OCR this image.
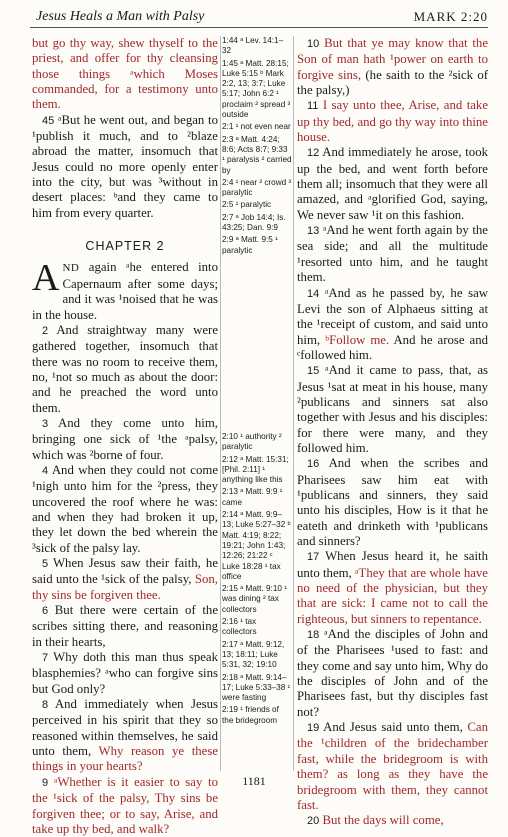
Jesus Heals a Man with Palsy	MARK 2:20

but go thy way, shew thyself to the priest, and offer for thy cleansing those things ᵃwhich Moses commanded, for a testimony unto them.

45 ᵃBut he went out, and began to ¹publish it much, and to ²blaze abroad the matter, insomuch that Jesus could no more openly enter into the city, but was ³without in desert places: ᵇand they came to him from every quarter.

CHAPTER 2

AND again ᵃhe entered into Capernaum after some days; and it was ¹noised that he was in the house.

2 And straightway many were gathered together, insomuch that there was no room to receive them, no, ¹not so much as about the door: and he preached the word unto them.

3 And they come unto him, bringing one sick of ¹the ᵃpalsy, which was ²borne of four.

4 And when they could not come ¹nigh unto him for the ²press, they uncovered the roof where he was: and when they had broken it up, they let down the bed wherein the ³sick of the palsy lay.

5 When Jesus saw their faith, he said unto the ¹sick of the palsy, Son, thy sins be forgiven thee.

6 But there were certain of the scribes sitting there, and reasoning in their hearts,

7 Why doth this man thus speak blasphemies? ᵃwho can forgive sins but God only?

8 And immediately when Jesus perceived in his spirit that they so reasoned within themselves, he said unto them, Why reason ye these things in your hearts?

9 ᵃWhether is it easier to say to the ¹sick of the palsy, Thy sins be forgiven thee; or to say, Arise, and take up thy bed, and walk?

1:44 ᵃ Lev. 14:1–32
1:45 ᵃ Matt. 28:15; Luke 5:15 ᵇ Mark 2:2, 13; 3:7; Luke 5:17; John 6:2 ¹ proclaim ² spread ³ outside
2:1 ¹ not even near
2:3 ᵃ Matt. 4:24; 8:6; Acts 8:7; 9:33 ¹ paralysis ² carried by
2:4 ¹ near ² crowd ³ paralytic
2:5 ¹ paralytic
2:7 ᵃ Job 14:4; Is. 43:25; Dan. 9:9
2:9 ᵃ Matt. 9:5 ¹ paralytic
2:10 ¹ authority ² paralytic
2:12 ᵃ Matt. 15:31; [Phil. 2:11] ¹ anything like this
2:13 ᵃ Matt. 9:9 ¹ came
2:14 ᵃ Matt. 9:9–13; Luke 5:27–32 ᵇ Matt. 4:19; 8:22; 19:21; John 1:43; 12:26; 21:22 ᶜ Luke 18:28 ¹ tax office
2:15 ᵃ Matt. 9:10 ¹ was dining ² tax collectors
2:16 ¹ tax collectors
2:17 ᵃ Matt. 9:12, 13; 18:11; Luke 5:31, 32; 19:10
2:18 ᵃ Matt. 9:14–17; Luke 5:33–38 ¹ were fasting
2:19 ¹ friends of the bridegroom

10 But that ye may know that the Son of man hath ¹power on earth to forgive sins, (he saith to the ²sick of the palsy,)

11 I say unto thee, Arise, and take up thy bed, and go thy way into thine house.

12 And immediately he arose, took up the bed, and went forth before them all; insomuch that they were all amazed, and ᵃglorified God, saying, We never saw ¹it on this fashion.

13 ᵃAnd he went forth again by the sea side; and all the multitude ¹resorted unto him, and he taught them.

14 ᵃAnd as he passed by, he saw Levi the son of Alphaeus sitting at the ¹receipt of custom, and said unto him, ᵇFollow me. And he arose and ᶜfollowed him.

15 ᵃAnd it came to pass, that, as Jesus ¹sat at meat in his house, many ²publicans and sinners sat also together with Jesus and his disciples: for there were many, and they followed him.

16 And when the scribes and Pharisees saw him eat with ¹publicans and sinners, they said unto his disciples, How is it that he eateth and drinketh with ¹publicans and sinners?

17 When Jesus heard it, he saith unto them, ᵃThey that are whole have no need of the physician, but they that are sick: I came not to call the righteous, but sinners to repentance.

18 ᵃAnd the disciples of John and of the Pharisees ¹used to fast: and they come and say unto him, Why do the disciples of John and of the Pharisees fast, but thy disciples fast not?

19 And Jesus said unto them, Can the ¹children of the bridechamber fast, while the bridegroom is with them? as long as they have the bridegroom with them, they cannot fast.

20 But the days will come,

1181
